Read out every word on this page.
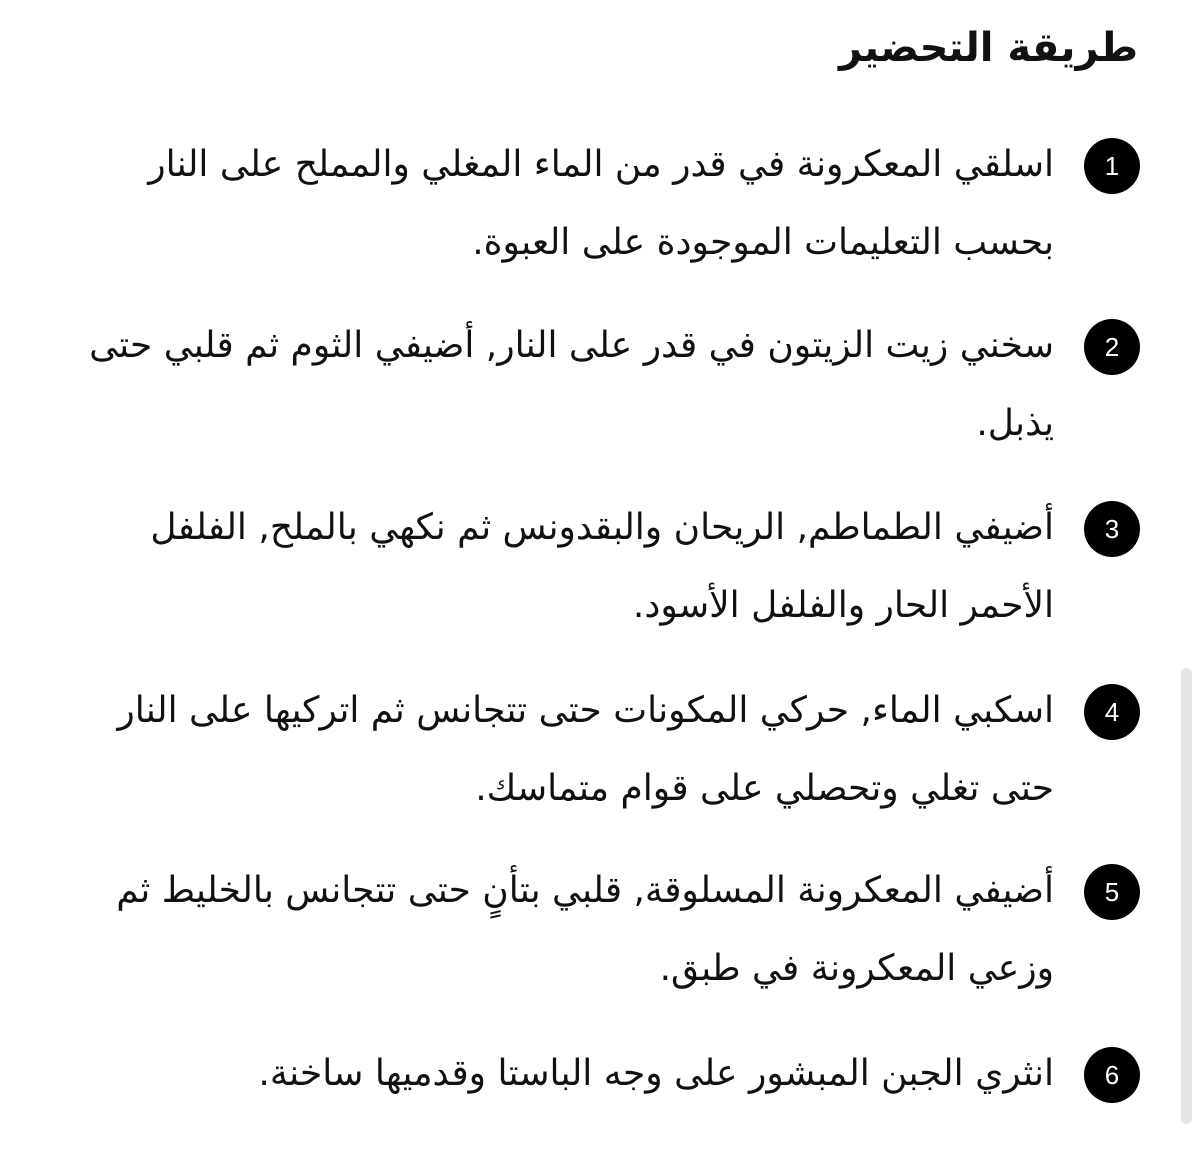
طريقة التحضير
1

اسلقي المعكرونة في قدر من الماء المغلي والمملح على النار بحسب التعليمات الموجودة على العبوة.

2

سخني زيت الزيتون في قدر على النار, أضيفي الثوم ثم قلبي حتى يذبل.

3

أضيفي الطماطم, الريحان والبقدونس ثم نكهي بالملح, الفلفل الأحمر الحار والفلفل الأسود.

4

اسكبي الماء, حركي المكونات حتى تتجانس ثم اتركيها على النار حتى تغلي وتحصلي على قوام متماسك.

5

أضيفي المعكرونة المسلوقة, قلبي بتأنٍ حتى تتجانس بالخليط ثم وزعي المعكرونة في طبق.

6

انثري الجبن المبشور على وجه الباستا وقدميها ساخنة.
